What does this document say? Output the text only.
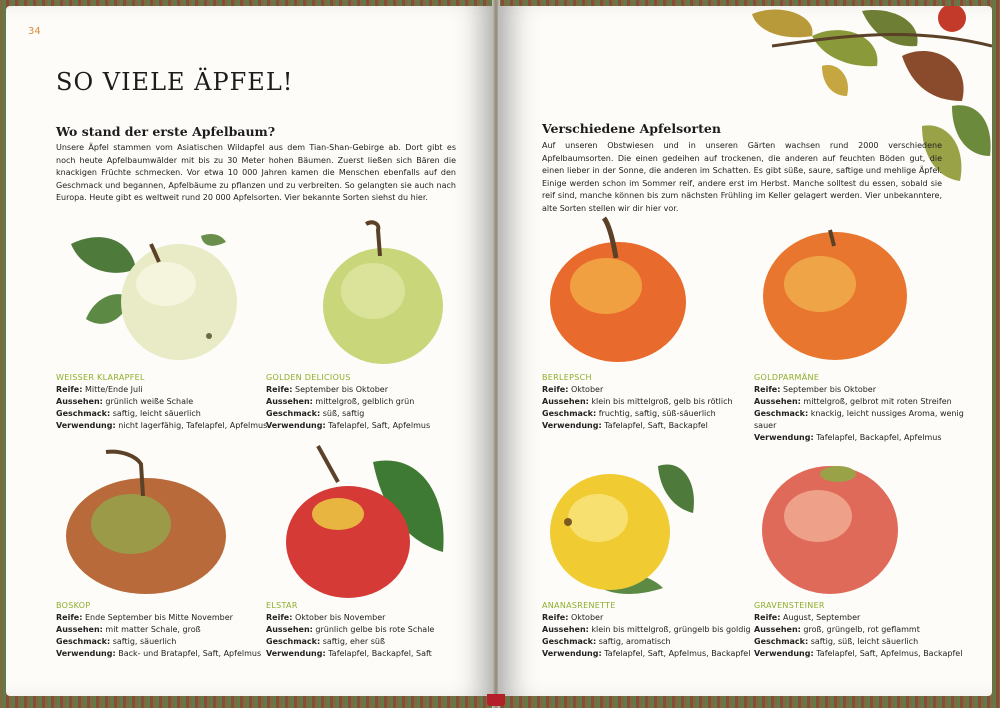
34
SO VIELE ÄPFEL!
Wo stand der erste Apfelbaum?

Unsere Äpfel stammen vom Asiatischen Wildapfel aus dem Tian-Shan-Gebirge ab. Dort gibt es noch heute Apfelbaumwälder mit bis zu 30 Meter hohen Bäumen. Zuerst ließen sich Bären die knackigen Früchte schmecken. Vor etwa 10 000 Jahren kamen die Menschen ebenfalls auf den Geschmack und begannen, Apfelbäume zu pflanzen und zu verbreiten. So gelangten sie auch nach Europa. Heute gibt es weltweit rund 20 000 Apfelsorten. Vier bekannte Sorten siehst du hier.

WEISSER KLARAPFEL
Reife: Mitte/Ende Juli
Aussehen: grünlich weiße Schale
Geschmack: saftig, leicht säuerlich
Verwendung: nicht lagerfähig, Tafelapfel, Apfelmus
GOLDEN DELICIOUS
Reife: September bis Oktober
Aussehen: mittelgroß, gelblich grün
Geschmack: süß, saftig
Verwendung: Tafelapfel, Saft, Apfelmus
BOSKOP
Reife: Ende September bis Mitte November
Aussehen: mit matter Schale, groß
Geschmack: saftig, säuerlich
Verwendung: Back- und Bratapfel, Saft, Apfelmus
ELSTAR
Reife: Oktober bis November
Aussehen: grünlich gelbe bis rote Schale
Geschmack: saftig, eher süß
Verwendung: Tafelapfel, Backapfel, Saft
Verschiedene Apfelsorten

Auf unseren Obstwiesen und in unseren Gärten wachsen rund 2000 verschiedene Apfelbaumsorten. Die einen gedeihen auf trockenen, die anderen auf feuchten Böden gut, die einen lieber in der Sonne, die anderen im Schatten. Es gibt süße, saure, saftige und mehlige Äpfel. Einige werden schon im Sommer reif, andere erst im Herbst. Manche solltest du essen, sobald sie reif sind, manche können bis zum nächsten Frühling im Keller gelagert werden. Vier unbekanntere, alte Sorten stellen wir dir hier vor.

BERLEPSCH
Reife: Oktober
Aussehen: klein bis mittelgroß, gelb bis rötlich
Geschmack: fruchtig, saftig, süß-säuerlich
Verwendung: Tafelapfel, Saft, Backapfel
GOLDPARMÄNE
Reife: September bis Oktober
Aussehen: mittelgroß, gelbrot mit roten Streifen
Geschmack: knackig, leicht nussiges Aroma, wenig sauer
Verwendung: Tafelapfel, Backapfel, Apfelmus
ANANASRENETTE
Reife: Oktober
Aussehen: klein bis mittelgroß, grüngelb bis goldig
Geschmack: saftig, aromatisch
Verwendung: Tafelapfel, Saft, Apfelmus, Backapfel
GRAVENSTEINER
Reife: August, September
Aussehen: groß, grüngelb, rot geflammt
Geschmack: saftig, süß, leicht säuerlich
Verwendung: Tafelapfel, Saft, Apfelmus, Backapfel
